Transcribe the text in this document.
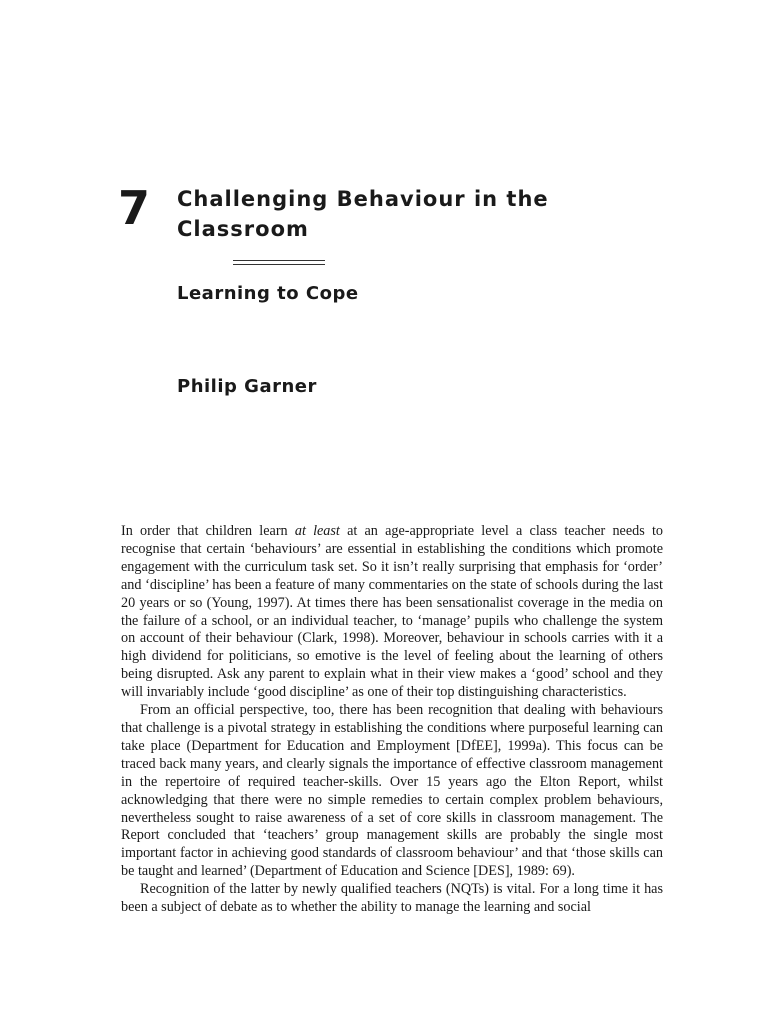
7 Challenging Behaviour in the Classroom
Learning to Cope
Philip Garner

In order that children learn at least at an age-appropriate level a class teacher needs to recognise that certain ‘behaviours’ are essential in establishing the conditions which promote engagement with the curriculum task set. So it isn’t really surprising that emphasis for ‘order’ and ‘discipline’ has been a feature of many commentaries on the state of schools during the last 20 years or so (Young, 1997). At times there has been sensationalist coverage in the media on the failure of a school, or an individual teacher, to ‘manage’ pupils who challenge the system on account of their behaviour (Clark, 1998). Moreover, behaviour in schools carries with it a high dividend for politicians, so emotive is the level of feeling about the learning of others being disrupted. Ask any parent to explain what in their view makes a ‘good’ school and they will invariably include ‘good discipline’ as one of their top distinguishing characteristics.

From an official perspective, too, there has been recognition that dealing with behaviours that challenge is a pivotal strategy in establishing the conditions where purposeful learning can take place (Department for Education and Employment [DfEE], 1999a). This focus can be traced back many years, and clearly signals the importance of effective classroom management in the repertoire of required teacher-skills. Over 15 years ago the Elton Report, whilst acknowledging that there were no simple remedies to certain complex problem behaviours, nevertheless sought to raise awareness of a set of core skills in classroom management. The Report concluded that ‘teachers’ group management skills are probably the single most important factor in achieving good standards of classroom behaviour’ and that ‘those skills can be taught and learned’ (Department of Education and Science [DES], 1989: 69).

Recognition of the latter by newly qualified teachers (NQTs) is vital. For a long time it has been a subject of debate as to whether the ability to manage the learning and social
